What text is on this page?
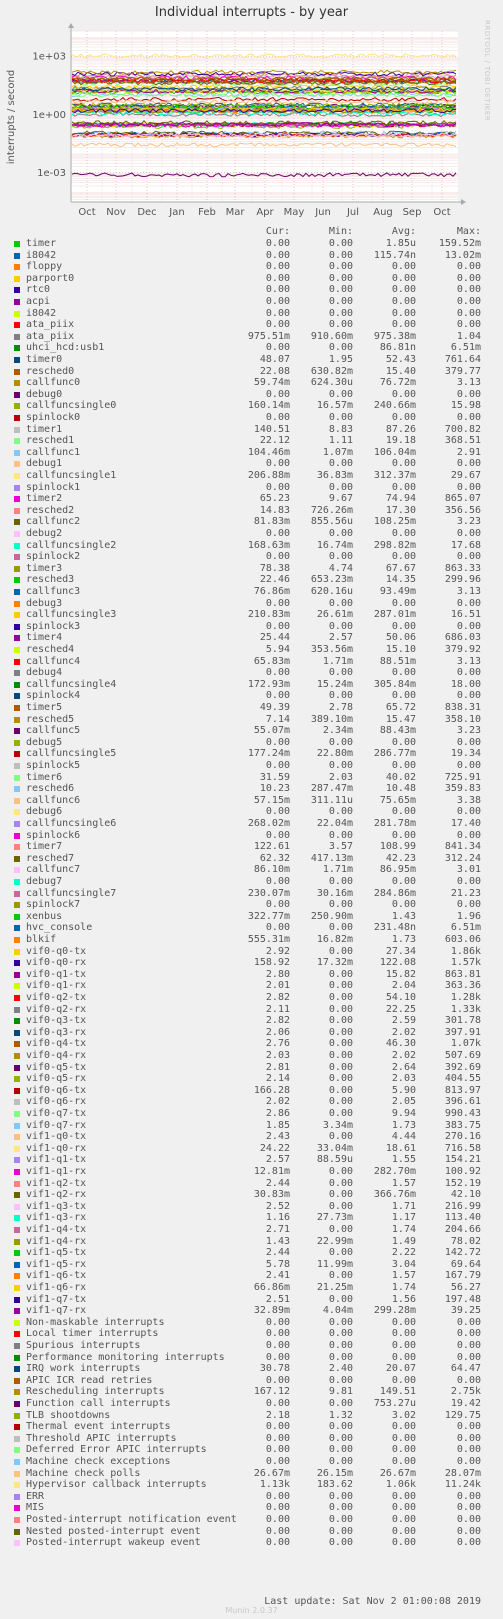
Individual interrupts - by year
1e-03
1e+00
1e+03
Oct Nov Dec Jan Feb Mar Apr May Jun Jul Aug Sep Oct
interrupts / second	RRDTOOL / TOBI OETIKER
Cur:	Min:	Avg:	Max:
timer	0.00	0.00	1.85u 159.52m
i8042	0.00	0.00 115.74n	13.02m
floppy	0.00	0.00	0.00	0.00
parport0	0.00	0.00	0.00	0.00
rtc0	0.00	0.00	0.00	0.00
acpi	0.00	0.00	0.00	0.00
i8042	0.00	0.00	0.00	0.00
ata_piix	0.00	0.00	0.00	0.00
ata_piix	975.51m 910.60m 975.38m	1.04
uhci_hcd:usb1	0.00	0.00	86.81n	6.51m
timer0	48.07	1.95	52.43	761.64
resched0	22.08 630.82m	15.40	379.77
callfunc0	59.74m 624.30u	76.72m	3.13
debug0	0.00	0.00	0.00	0.00
callfuncsingle0	160.14m	16.57m 240.66m	15.98
spinlock0	0.00	0.00	0.00	0.00
timer1	140.51	8.83	87.26	700.82
resched1	22.12	1.11	19.18	368.51
callfunc1	104.46m	1.07m 106.04m	2.91
debug1	0.00	0.00	0.00	0.00
callfuncsingle1	206.88m	36.83m 312.37m	29.67
spinlock1	0.00	0.00	0.00	0.00
timer2	65.23	9.67	74.94	865.07
resched2	14.83 726.26m	17.30	356.56
callfunc2	81.83m 855.56u 108.25m	3.23
debug2	0.00	0.00	0.00	0.00
callfuncsingle2	168.63m	16.74m 298.82m	17.68
spinlock2	0.00	0.00	0.00	0.00
timer3	78.38	4.74	67.67	863.33
resched3	22.46 653.23m	14.35	299.96
callfunc3	76.86m 620.16u	93.49m	3.13
debug3	0.00	0.00	0.00	0.00
callfuncsingle3	210.83m	26.61m 287.01m	16.51
spinlock3	0.00	0.00	0.00	0.00
timer4	25.44	2.57	50.06	686.03
resched4	5.94 353.56m	15.10	379.92
callfunc4	65.83m	1.71m	88.51m	3.13
debug4	0.00	0.00	0.00	0.00
callfuncsingle4	172.93m	15.24m 305.84m	18.00
spinlock4	0.00	0.00	0.00	0.00
timer5	49.39	2.78	65.72	838.31
resched5	7.14 389.10m	15.47	358.10
callfunc5	55.07m	2.34m	88.43m	3.23
debug5	0.00	0.00	0.00	0.00
callfuncsingle5	177.24m	22.80m 286.77m	19.34
spinlock5	0.00	0.00	0.00	0.00
timer6	31.59	2.03	40.02	725.91
resched6	10.23 287.47m	10.48	359.83
callfunc6	57.15m 311.11u	75.65m	3.38
debug6	0.00	0.00	0.00	0.00
callfuncsingle6	268.02m	22.04m 281.78m	17.40
spinlock6	0.00	0.00	0.00	0.00
timer7	122.61	3.57	108.99	841.34
resched7	62.32 417.13m	42.23	312.24
callfunc7	86.10m	1.71m	86.95m	3.01
debug7	0.00	0.00	0.00	0.00
callfuncsingle7	230.07m	30.16m 284.86m	21.23
spinlock7	0.00	0.00	0.00	0.00
xenbus	322.77m 250.90m	1.43	1.96
hvc_console	0.00	0.00 231.48n	6.51m
blkif	555.31m	16.82m	1.73	603.06
vif0-q0-tx	2.92	0.00	27.34	1.86k
vif0-q0-rx	158.92	17.32m	122.08	1.57k
vif0-q1-tx	2.80	0.00	15.82	863.81
vif0-q1-rx	2.01	0.00	2.04	363.36
vif0-q2-tx	2.82	0.00	54.10	1.28k
vif0-q2-rx	2.11	0.00	22.25	1.33k
vif0-q3-tx	2.82	0.00	2.59	301.78
vif0-q3-rx	2.06	0.00	2.02	397.91
vif0-q4-tx	2.76	0.00	46.30	1.07k
vif0-q4-rx	2.03	0.00	2.02	507.69
vif0-q5-tx	2.81	0.00	2.64	392.69
vif0-q5-rx	2.14	0.00	2.03	404.55
vif0-q6-tx	166.28	0.00	5.90	813.97
vif0-q6-rx	2.02	0.00	2.05	396.61
vif0-q7-tx	2.86	0.00	9.94	990.43
vif0-q7-rx	1.85	3.34m	1.73	383.75
vif1-q0-tx	2.43	0.00	4.44	270.16
vif1-q0-rx	24.22	33.04m	18.61	716.58
vif1-q1-tx	2.57	88.59u	1.55	154.21
vif1-q1-rx	12.81m	0.00 282.70m	100.92
vif1-q2-tx	2.44	0.00	1.57	152.19
vif1-q2-rx	30.83m	0.00 366.76m	42.10
vif1-q3-tx	2.52	0.00	1.71	216.99
vif1-q3-rx	1.16	27.73m	1.17	113.40
vif1-q4-tx	2.71	0.00	1.74	204.66
vif1-q4-rx	1.43	22.99m	1.49	78.02
vif1-q5-tx	2.44	0.00	2.22	142.72
vif1-q5-rx	5.78	11.99m	3.04	69.64
vif1-q6-tx	2.41	0.00	1.57	167.79
vif1-q6-rx	66.86m	21.25m	1.74	56.27
vif1-q7-tx	2.51	0.00	1.56	197.48
vif1-q7-rx	32.89m	4.04m 299.28m	39.25
Non-maskable interrupts	0.00	0.00	0.00	0.00
Local timer interrupts	0.00	0.00	0.00	0.00
Spurious interrupts	0.00	0.00	0.00	0.00
Performance monitoring interrupts	0.00	0.00	0.00	0.00
IRQ work interrupts	30.78	2.40	20.07	64.47
APIC ICR read retries	0.00	0.00	0.00	0.00
Rescheduling interrupts	167.12	9.81	149.51	2.75k
Function call interrupts	0.00	0.00 753.27u	19.42
TLB shootdowns	2.18	1.32	3.02	129.75
Thermal event interrupts	0.00	0.00	0.00	0.00
Threshold APIC interrupts	0.00	0.00	0.00	0.00
Deferred Error APIC interrupts	0.00	0.00	0.00	0.00
Machine check exceptions	0.00	0.00	0.00	0.00
Machine check polls	26.67m	26.15m	26.67m	28.07m
Hypervisor callback interrupts	1.13k	183.62	1.06k	11.24k
ERR	0.00	0.00	0.00	0.00
MIS	0.00	0.00	0.00	0.00
Posted-interrupt notification event	0.00	0.00	0.00	0.00
Nested posted-interrupt event	0.00	0.00	0.00	0.00
Posted-interrupt wakeup event	0.00	0.00	0.00	0.00
Last update: Sat Nov 2 01:00:08 2019
Munin 2.0.37
